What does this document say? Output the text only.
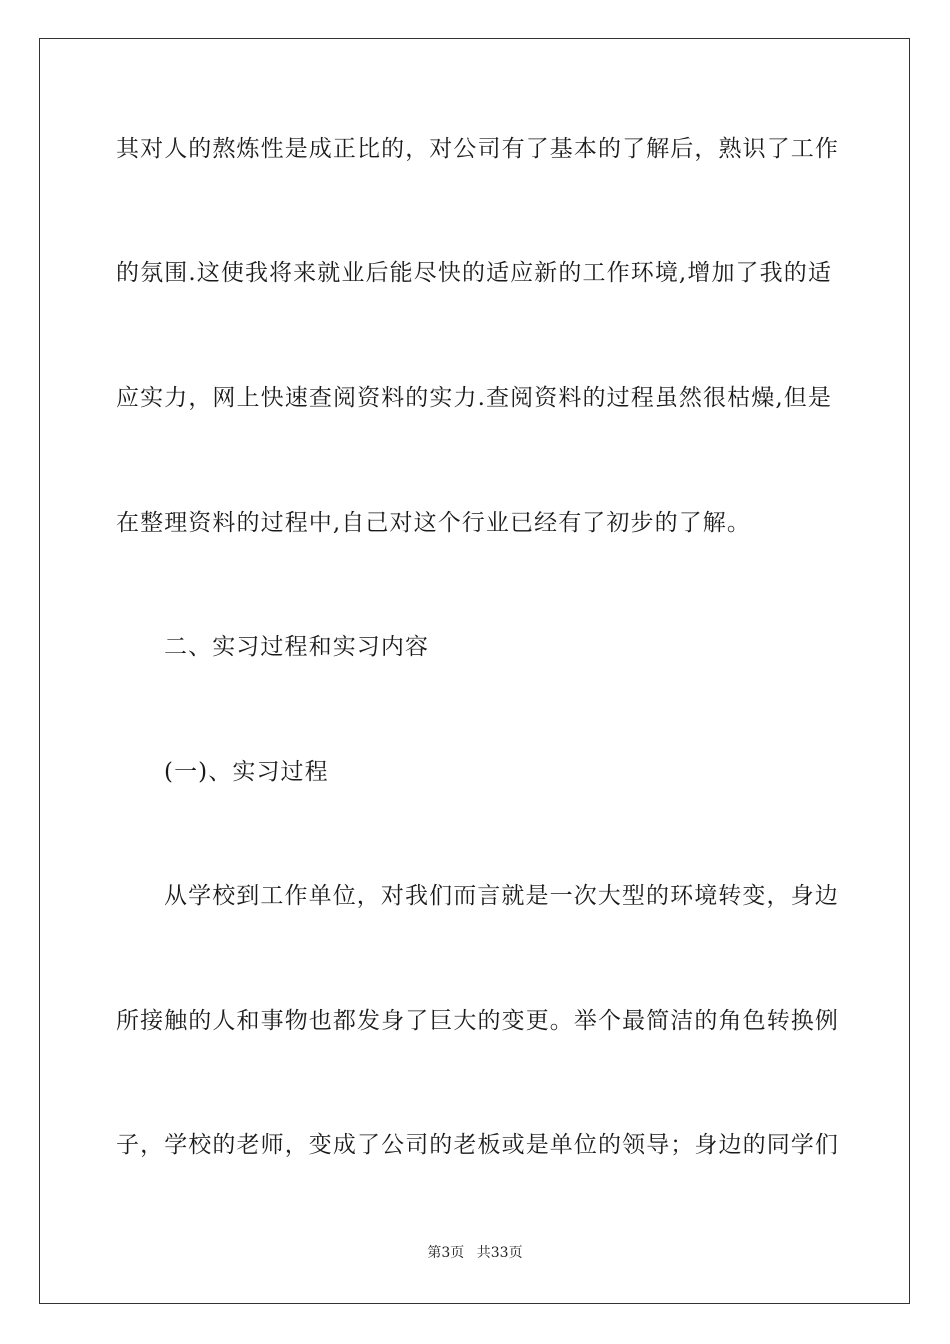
其对人的熬炼性是成正比的，对公司有了基本的了解后，熟识了工作
的氛围.这使我将来就业后能尽快的适应新的工作环境,增加了我的适
应实力，网上快速查阅资料的实力.查阅资料的过程虽然很枯燥,但是
在整理资料的过程中,自己对这个行业已经有了初步的了解。
二、实习过程和实习内容
(一)、实习过程
从学校到工作单位，对我们而言就是一次大型的环境转变，身边
所接触的人和事物也都发身了巨大的变更。举个最简洁的角色转换例
子，学校的老师，变成了公司的老板或是单位的领导；身边的同学们
第3页 共33页
